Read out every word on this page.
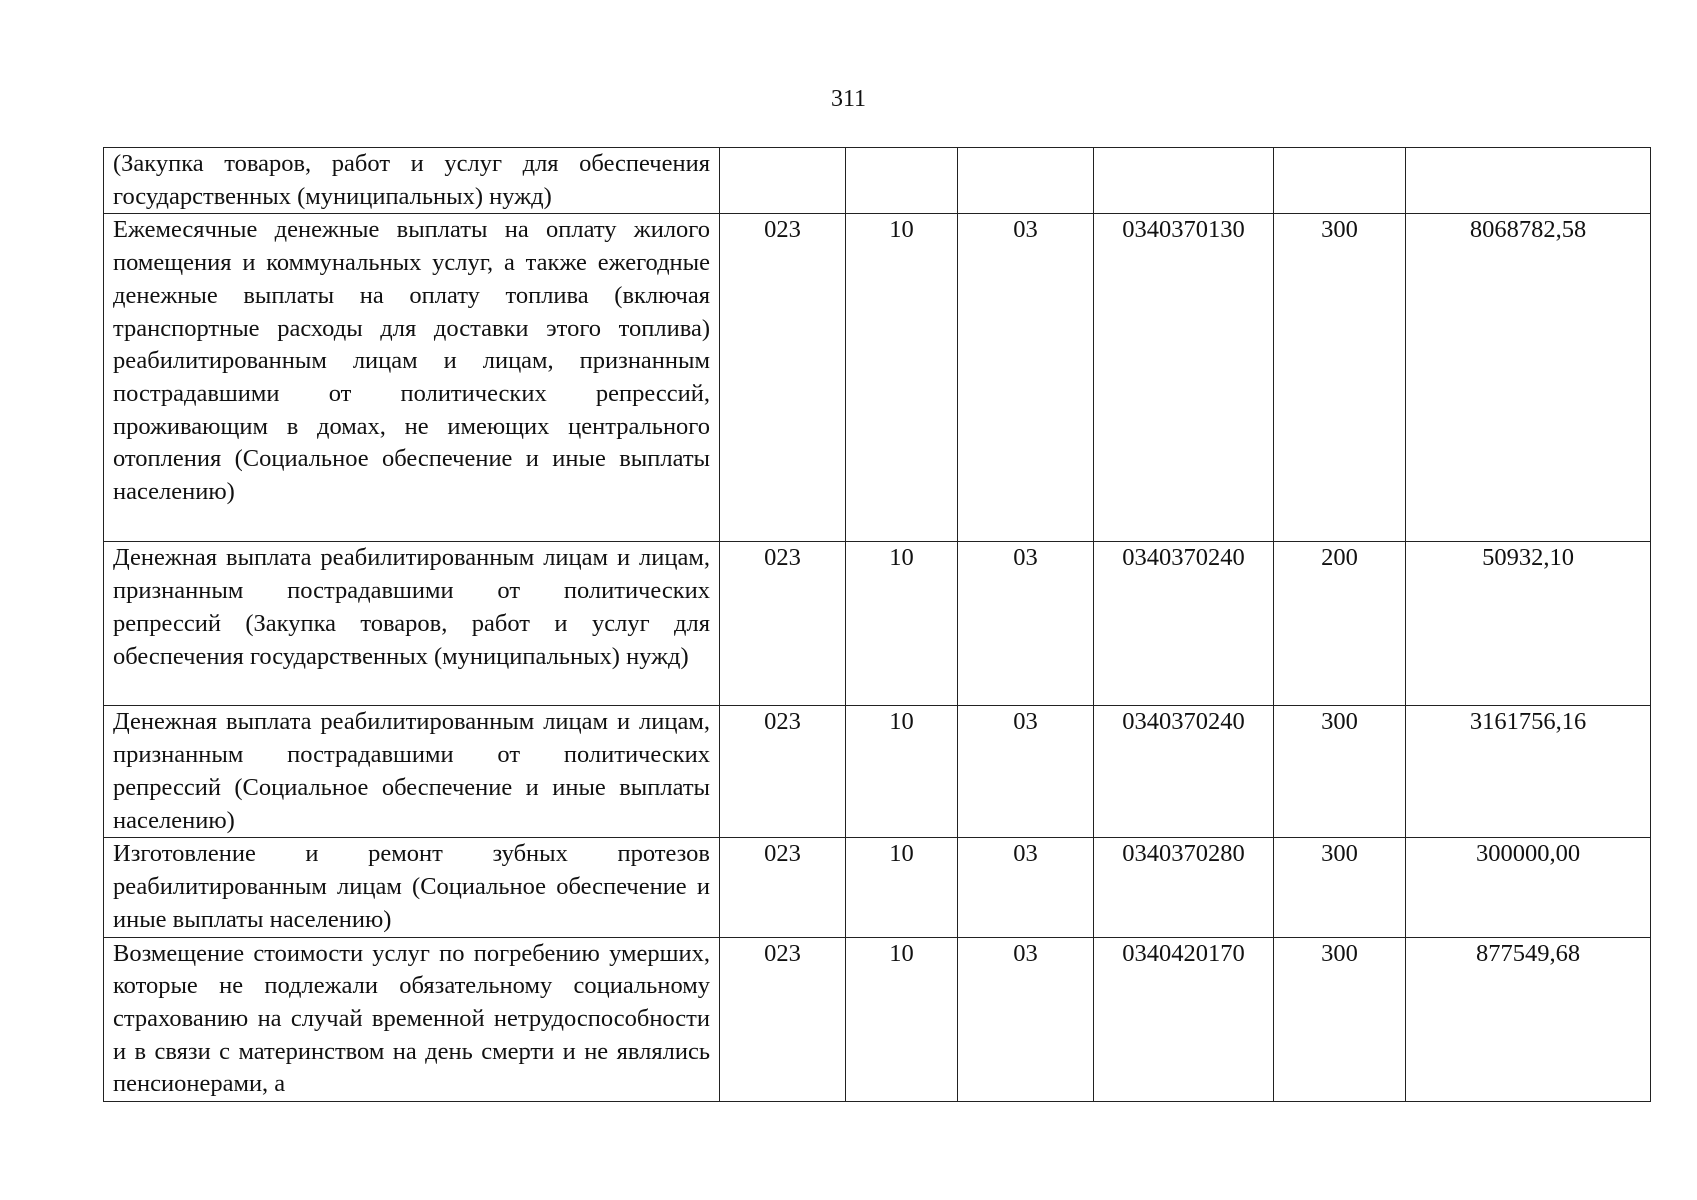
311
(Закупка товаров, работ и услуг для обеспечения государственных (муниципальных) нужд)						
Ежемесячные денежные выплаты на оплату жилого помещения и коммунальных услуг, а также ежегодные денежные выплаты на оплату топлива (включая транспортные расходы для доставки этого топлива) реабилитированным лицам и лицам, признанным пострадавшими от политических репрессий, проживающим в домах, не имеющих центрального отопления (Социальное обеспечение и иные выплаты населению)	023	10	03	0340370130	300	8068782,58
Денежная выплата реабилитированным лицам и лицам, признанным пострадавшими от политических репрессий (Закупка товаров, работ и услуг для обеспечения государственных (муниципальных) нужд)	023	10	03	0340370240	200	50932,10
Денежная выплата реабилитированным лицам и лицам, признанным пострадавшими от политических репрессий (Социальное обеспечение и иные выплаты населению)	023	10	03	0340370240	300	3161756,16
Изготовление и ремонт зубных протезов реабилитированным лицам (Социальное обеспечение и иные выплаты населению)	023	10	03	0340370280	300	300000,00
Возмещение стоимости услуг по погребению умерших, которые не подлежали обязательному социальному страхованию на случай временной нетрудоспособности и в связи с материнством на день смерти и не являлись пенсионерами, а	023	10	03	0340420170	300	877549,68
